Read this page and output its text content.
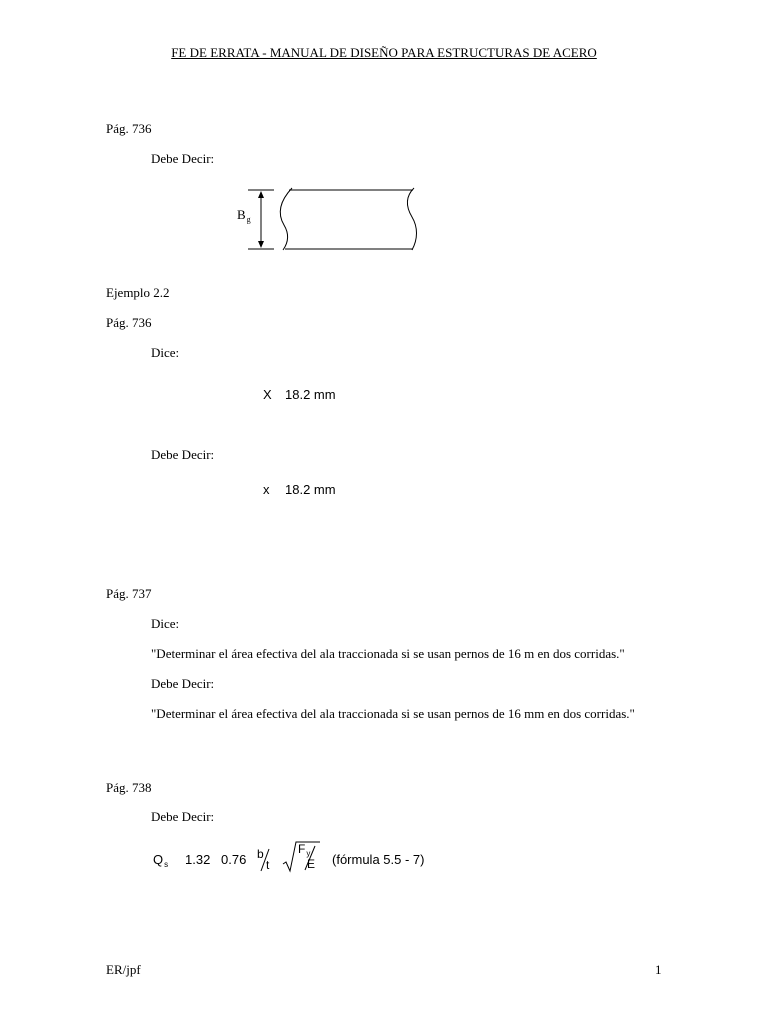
FE DE ERRATA - MANUAL DE DISEÑO PARA ESTRUCTURAS DE ACERO
Pág. 736
Debe Decir:
$B_g$
Ejemplo 2.2
Pág. 736
Dice:
X 18.2 mm
Debe Decir:
x 18.2 mm
Pág. 737
Dice:
"Determinar el área efectiva del ala traccionada si se usan pernos de 16 m en dos corridas."
Debe Decir:
"Determinar el área efectiva del ala traccionada si se usan pernos de 16 mm en dos corridas."
Pág. 738
Debe Decir:
$Q_s$ 1.32 0.76 b
t
$F_y$
E (fórmula 5.5 - 7)
ER/jpf	1
